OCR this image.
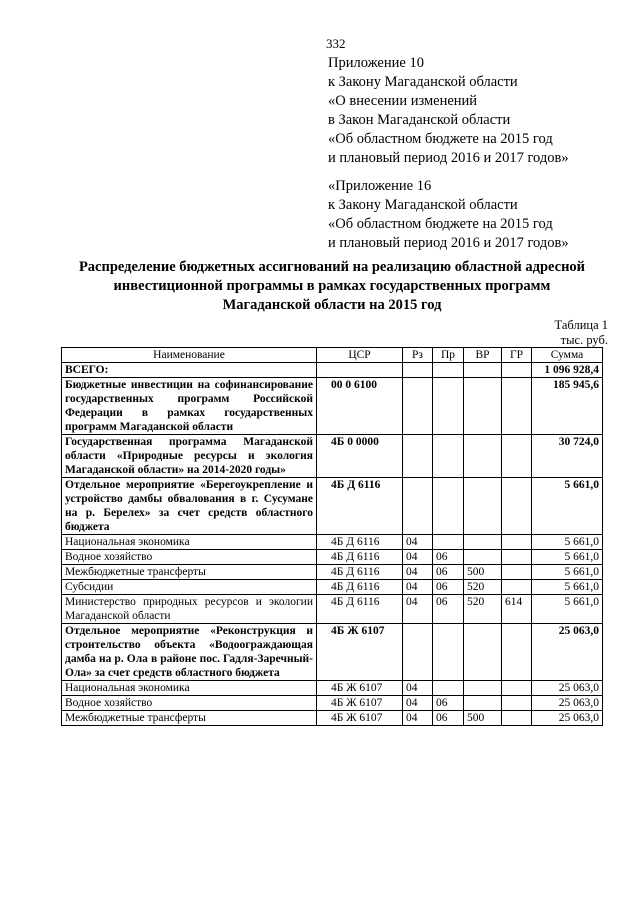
332
Приложение 10
к Закону Магаданской области
«О внесении изменений
в Закон Магаданской области
«Об областном бюджете на 2015 год
и плановый период 2016 и 2017 годов»
«Приложение 16
к Закону Магаданской области
«Об областном бюджете на 2015 год
и плановый период 2016 и 2017 годов»
Распределение бюджетных ассигнований на реализацию областной адресной
инвестиционной программы в рамках государственных программ
Магаданской области на 2015 год
Таблица 1
тыс. руб.
Наименование	ЦСР	Рз	Пр	ВР	ГР	Сумма
ВСЕГО:						1 096 928,4
Бюджетные инвестиции на софинансирование государственных программ Российской Федерации в рамках государственных программ Магаданской области	00 0 6100					185 945,6
Государственная программа Магаданской области «Природные ресурсы и экология Магаданской области» на 2014-2020 годы»	4Б 0 0000					30 724,0
Отдельное мероприятие «Берегоукрепление и устройство дамбы обвалования в г. Сусумане на р. Берелех» за счет средств областного бюджета	4Б Д 6116					5 661,0
Национальная экономика	4Б Д 6116	04				5 661,0
Водное хозяйство	4Б Д 6116	04	06			5 661,0
Межбюджетные трансферты	4Б Д 6116	04	06	500		5 661,0
Субсидии	4Б Д 6116	04	06	520		5 661,0
Министерство природных ресурсов и экологии Магаданской области	4Б Д 6116	04	06	520	614	5 661,0
Отдельное мероприятие «Реконструкция и строительство объекта «Водоограждающая дамба на р. Ола в районе пос. Гадля-Заречный-Ола» за счет средств областного бюджета	4Б Ж 6107					25 063,0
Национальная экономика	4Б Ж 6107	04				25 063,0
Водное хозяйство	4Б Ж 6107	04	06			25 063,0
Межбюджетные трансферты	4Б Ж 6107	04	06	500		25 063,0
